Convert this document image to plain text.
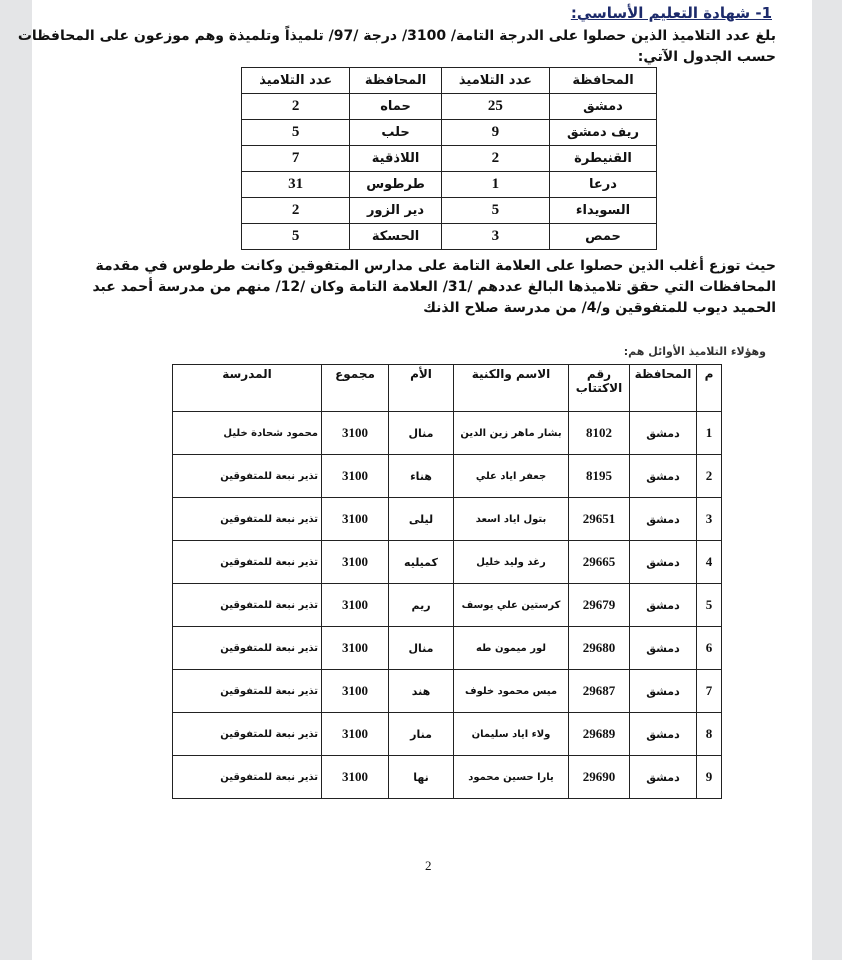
1- شهادة التعليم الأساسي:

بلغ عدد التلاميذ الذين حصلوا على الدرجة التامة/ 3100/ درجة /97/ تلميذاً وتلميذة وهم موزعون على المحافظات حسب الجدول الآتي:

المحافظة	عدد التلاميذ	المحافظة	عدد التلاميذ
دمشق	25	حماه	2
ريف دمشق	9	حلب	5
القنيطرة	2	اللاذقية	7
درعا	1	طرطوس	31
السويداء	5	دير الزور	2
حمص	3	الحسكة	5

حيث توزع أغلب الذين حصلوا على العلامة التامة على مدارس المتفوقين وكانت طرطوس في مقدمة المحافظات التي حقق تلاميذها البالغ عددهم /31/ العلامة التامة وكان /12/ منهم من مدرسة أحمد عبد الحميد ديوب للمتفوقين و/4/ من مدرسة صلاح الذنك

وهؤلاء التلاميذ الأوائل هم:
م	المحافظة	رقم الاكتتاب	الاسم والكنية	الأم	مجموع	المدرسة
1	دمشق	8102	بشار ماهر زين الدين	منال	3100	محمود شحادة خليل
2	دمشق	8195	جعفر اياد علي	هناء	3100	تذير نبعة للمتفوقين
3	دمشق	29651	بتول اياد اسعد	ليلى	3100	تذير نبعة للمتفوقين
4	دمشق	29665	رغد وليد خليل	كميليه	3100	تذير نبعة للمتفوقين
5	دمشق	29679	كرستين علي يوسف	ريم	3100	تذير نبعة للمتفوقين
6	دمشق	29680	لور ميمون طه	منال	3100	تذير نبعة للمتفوقين
7	دمشق	29687	ميس محمود خلوف	هند	3100	تذير نبعة للمتفوقين
8	دمشق	29689	ولاء اياد سليمان	منار	3100	تذير نبعة للمتفوقين
9	دمشق	29690	يارا حسين محمود	نها	3100	تذير نبعة للمتفوقين
2
